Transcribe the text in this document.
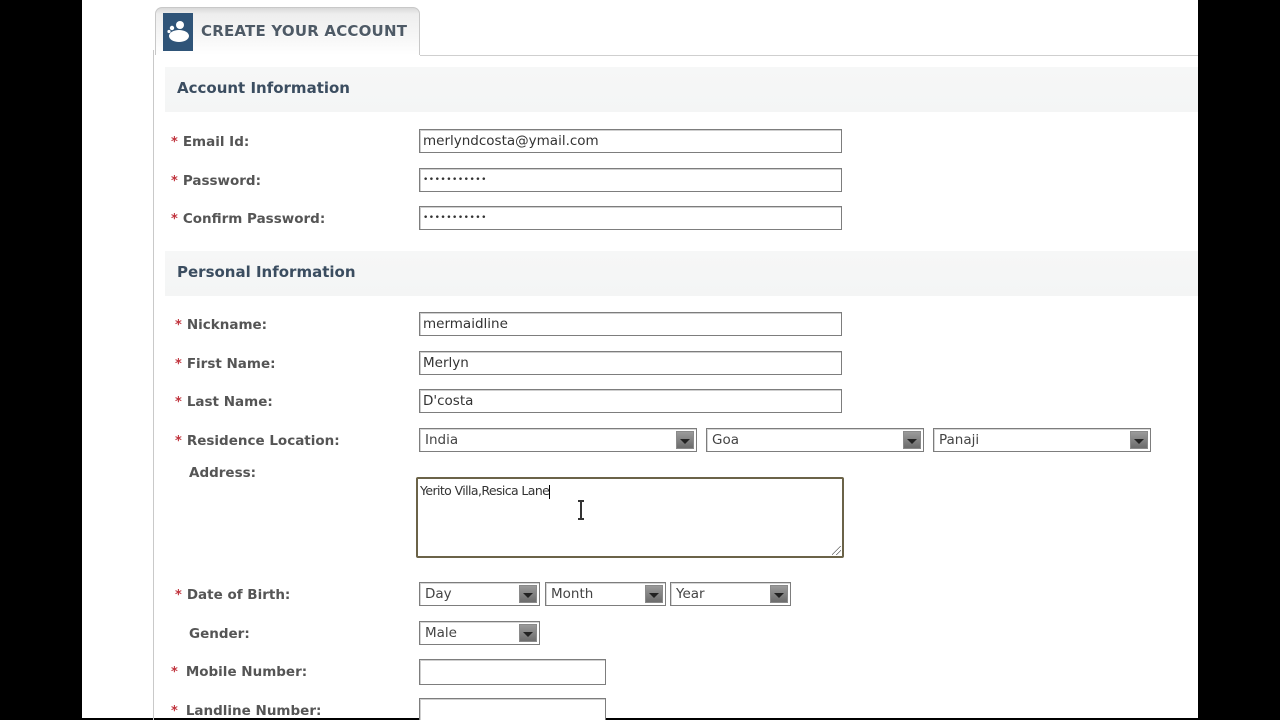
CREATE YOUR ACCOUNT
Account Information
* Email Id:	merlyndcosta@ymail.com
* Password:	•••••••••••
* Confirm Password:	•••••••••••
Personal Information
* Nickname:	mermaidline
* First Name:	Merlyn
* Last Name:	D'costa
* Residence Location:	India	Goa	Panaji
Address:
Yerito Villa,Resica Lane
* Date of Birth:	Day	Month	Year
Gender:	Male
* Mobile Number:
* Landline Number:
